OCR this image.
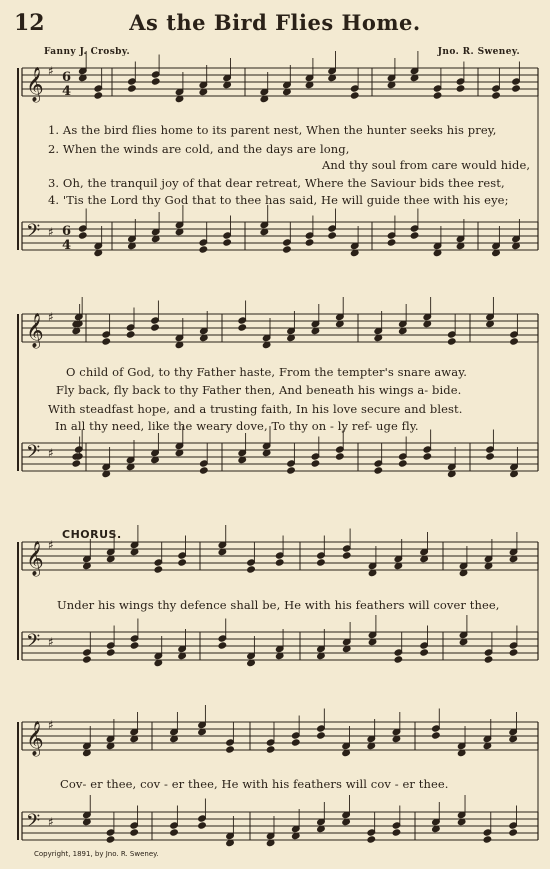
12	As the Bird Flies Home.
Fanny J. Crosby.	Jno. R. Sweney.
𝄞 ♯
𝄢 ♯
𝄞 ♯
𝄢 ♯
𝄞 ♯
𝄢 ♯
𝄞 ♯
𝄢 ♯
6
4
6
4
1. As the bird flies home to its parent nest, When the hunter seeks his prey,
2. When the winds are cold, and the days are long,
And thy soul from care would hide,
3. Oh, the tranquil joy of that dear retreat, Where the Saviour bids thee rest,
4. 'Tis the Lord thy God that to thee has said, He will guide thee with his eye;
O child of God, to thy Father haste, From the tempter's snare away.
Fly back, fly back to thy Father then, And beneath his wings a- bide.
With steadfast hope, and a trusting faith, In his love secure and blest.
In all thy need, like the weary dove, To thy on - ly ref- uge fly.
CHORUS.
Under his wings thy defence shall be, He with his feathers will cover thee,
Cov- er thee, cov - er thee, He with his feathers will cov - er thee.
Copyright, 1891, by Jno. R. Sweney.
